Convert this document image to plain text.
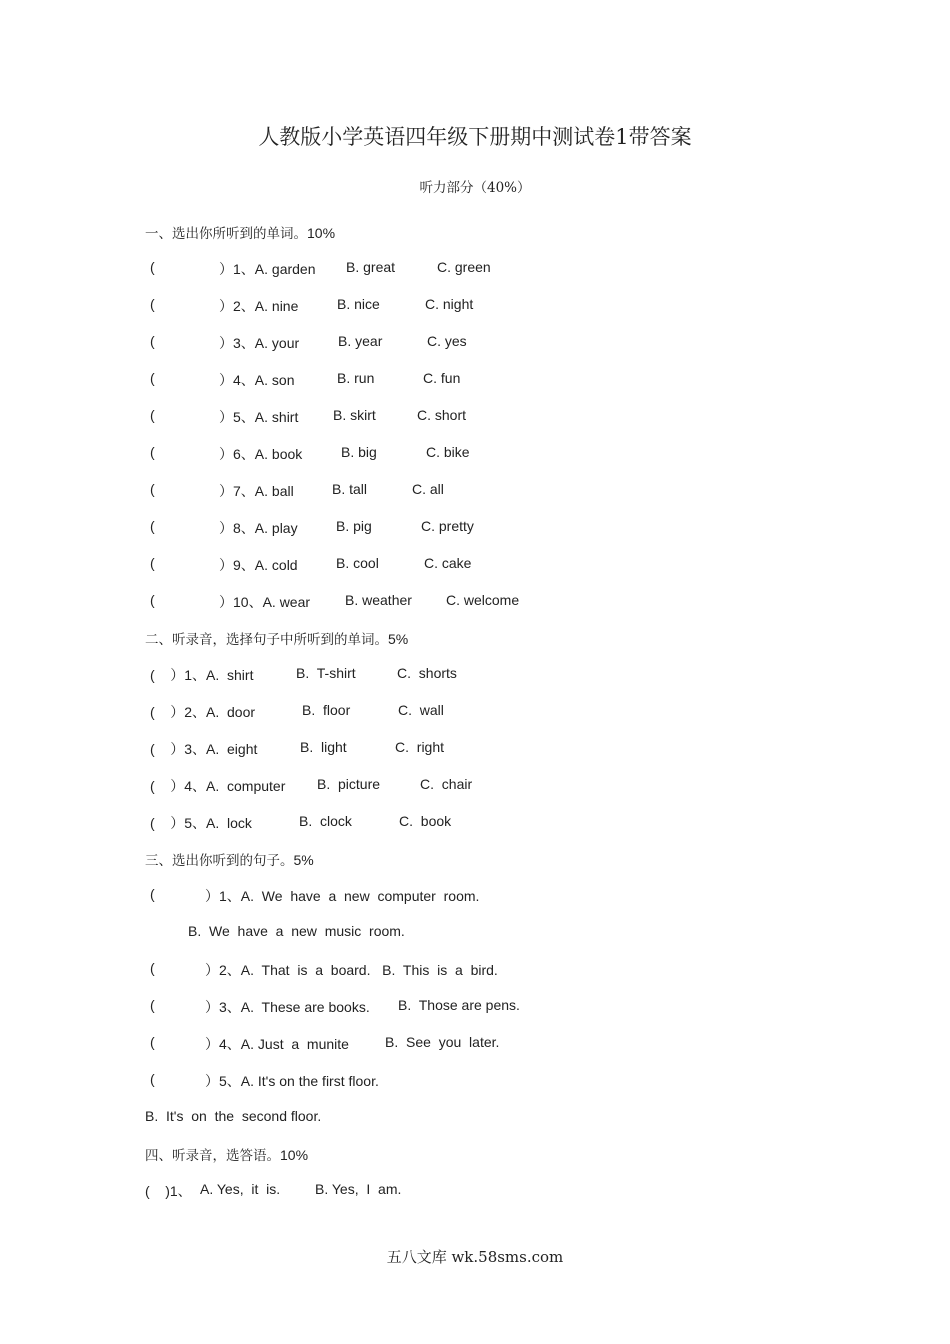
人教版小学英语四年级下册期中测试卷1带答案
听力部分（40%）
一、选出你所听到的单词。10%
(	）1、A. garden B. great	C. green
(	）2、A. nine	B. nice	C. night
(	）3、A. your	B. year	C. yes
(	）4、A. son	B. run	C. fun
(	）5、A. shirt B. skirt	C. short
(	）6、A. book	B. big	C. bike
(	）7、A. ball	B. tall	C. all
(	）8、A. play	B. pig	C. pretty
(	）9、A. cold	B. cool	C. cake
(	）10、A. wear B. weather C. welcome
二、听录音，选择句子中所听到的单词。5%
(    ）1、A.  shirt	B.  T-shirt	C.  shorts
(    ）2、A.  door	B.  floor	C.  wall
(    ）3、A.  eight	B.  light	C.  right
(    ）4、A.  computer B.  picture	C.  chair
(    ）5、A.  lock	B.  clock	C.  book
三、选出你听到的句子。5%

(

	）1、A.  We  have  a  new  computer  room.

B.  We  have  a  new  music  room.

(

	）2、A.  That  is  a  board.   B.  This  is  a  bird.

(

	）3、A.  These are books.

B.  Those are pens.

(

	）4、A. Just  a  munite

	B.  See  you  later.

(

	）5、A. It's on the first floor.

B.  It's  on  the  second floor.

四、听录音，选答语。10%

(    )1、

A. Yes,  it  is.

B. Yes,  I  am.

五八文库 wk.58sms.com
